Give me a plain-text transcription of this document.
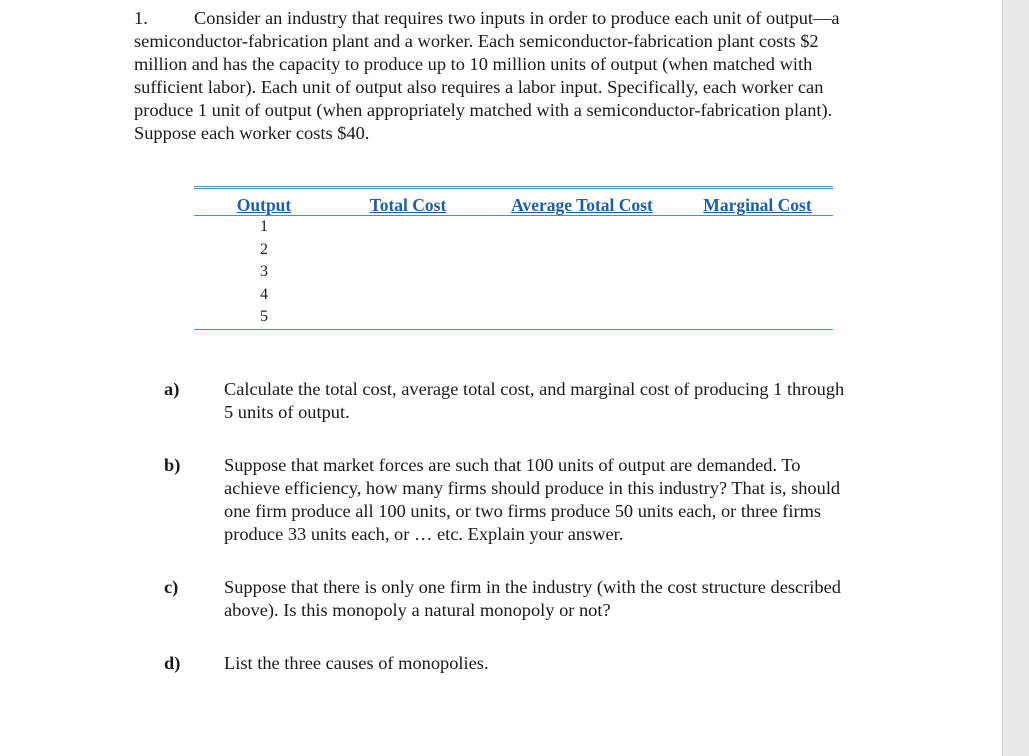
1.	Consider an industry that requires two inputs in order to produce each unit of output—a semiconductor-fabrication plant and a worker. Each semiconductor-fabrication plant costs $2 million and has the capacity to produce up to 10 million units of output (when matched with sufficient labor). Each unit of output also requires a labor input. Specifically, each worker can produce 1 unit of output (when appropriately matched with a semiconductor-fabrication plant). Suppose each worker costs $40.
Output	Total Cost	Average Total Cost	Marginal Cost
1			
2			
3			
4			
5			
a) Calculate the total cost, average total cost, and marginal cost of producing 1 through 5 units of output.
b) Suppose that market forces are such that 100 units of output are demanded. To achieve efficiency, how many firms should produce in this industry? That is, should one firm produce all 100 units, or two firms produce 50 units each, or three firms produce 33 units each, or … etc. Explain your answer.
c) Suppose that there is only one firm in the industry (with the cost structure described above). Is this monopoly a natural monopoly or not?
d) List the three causes of monopolies.
